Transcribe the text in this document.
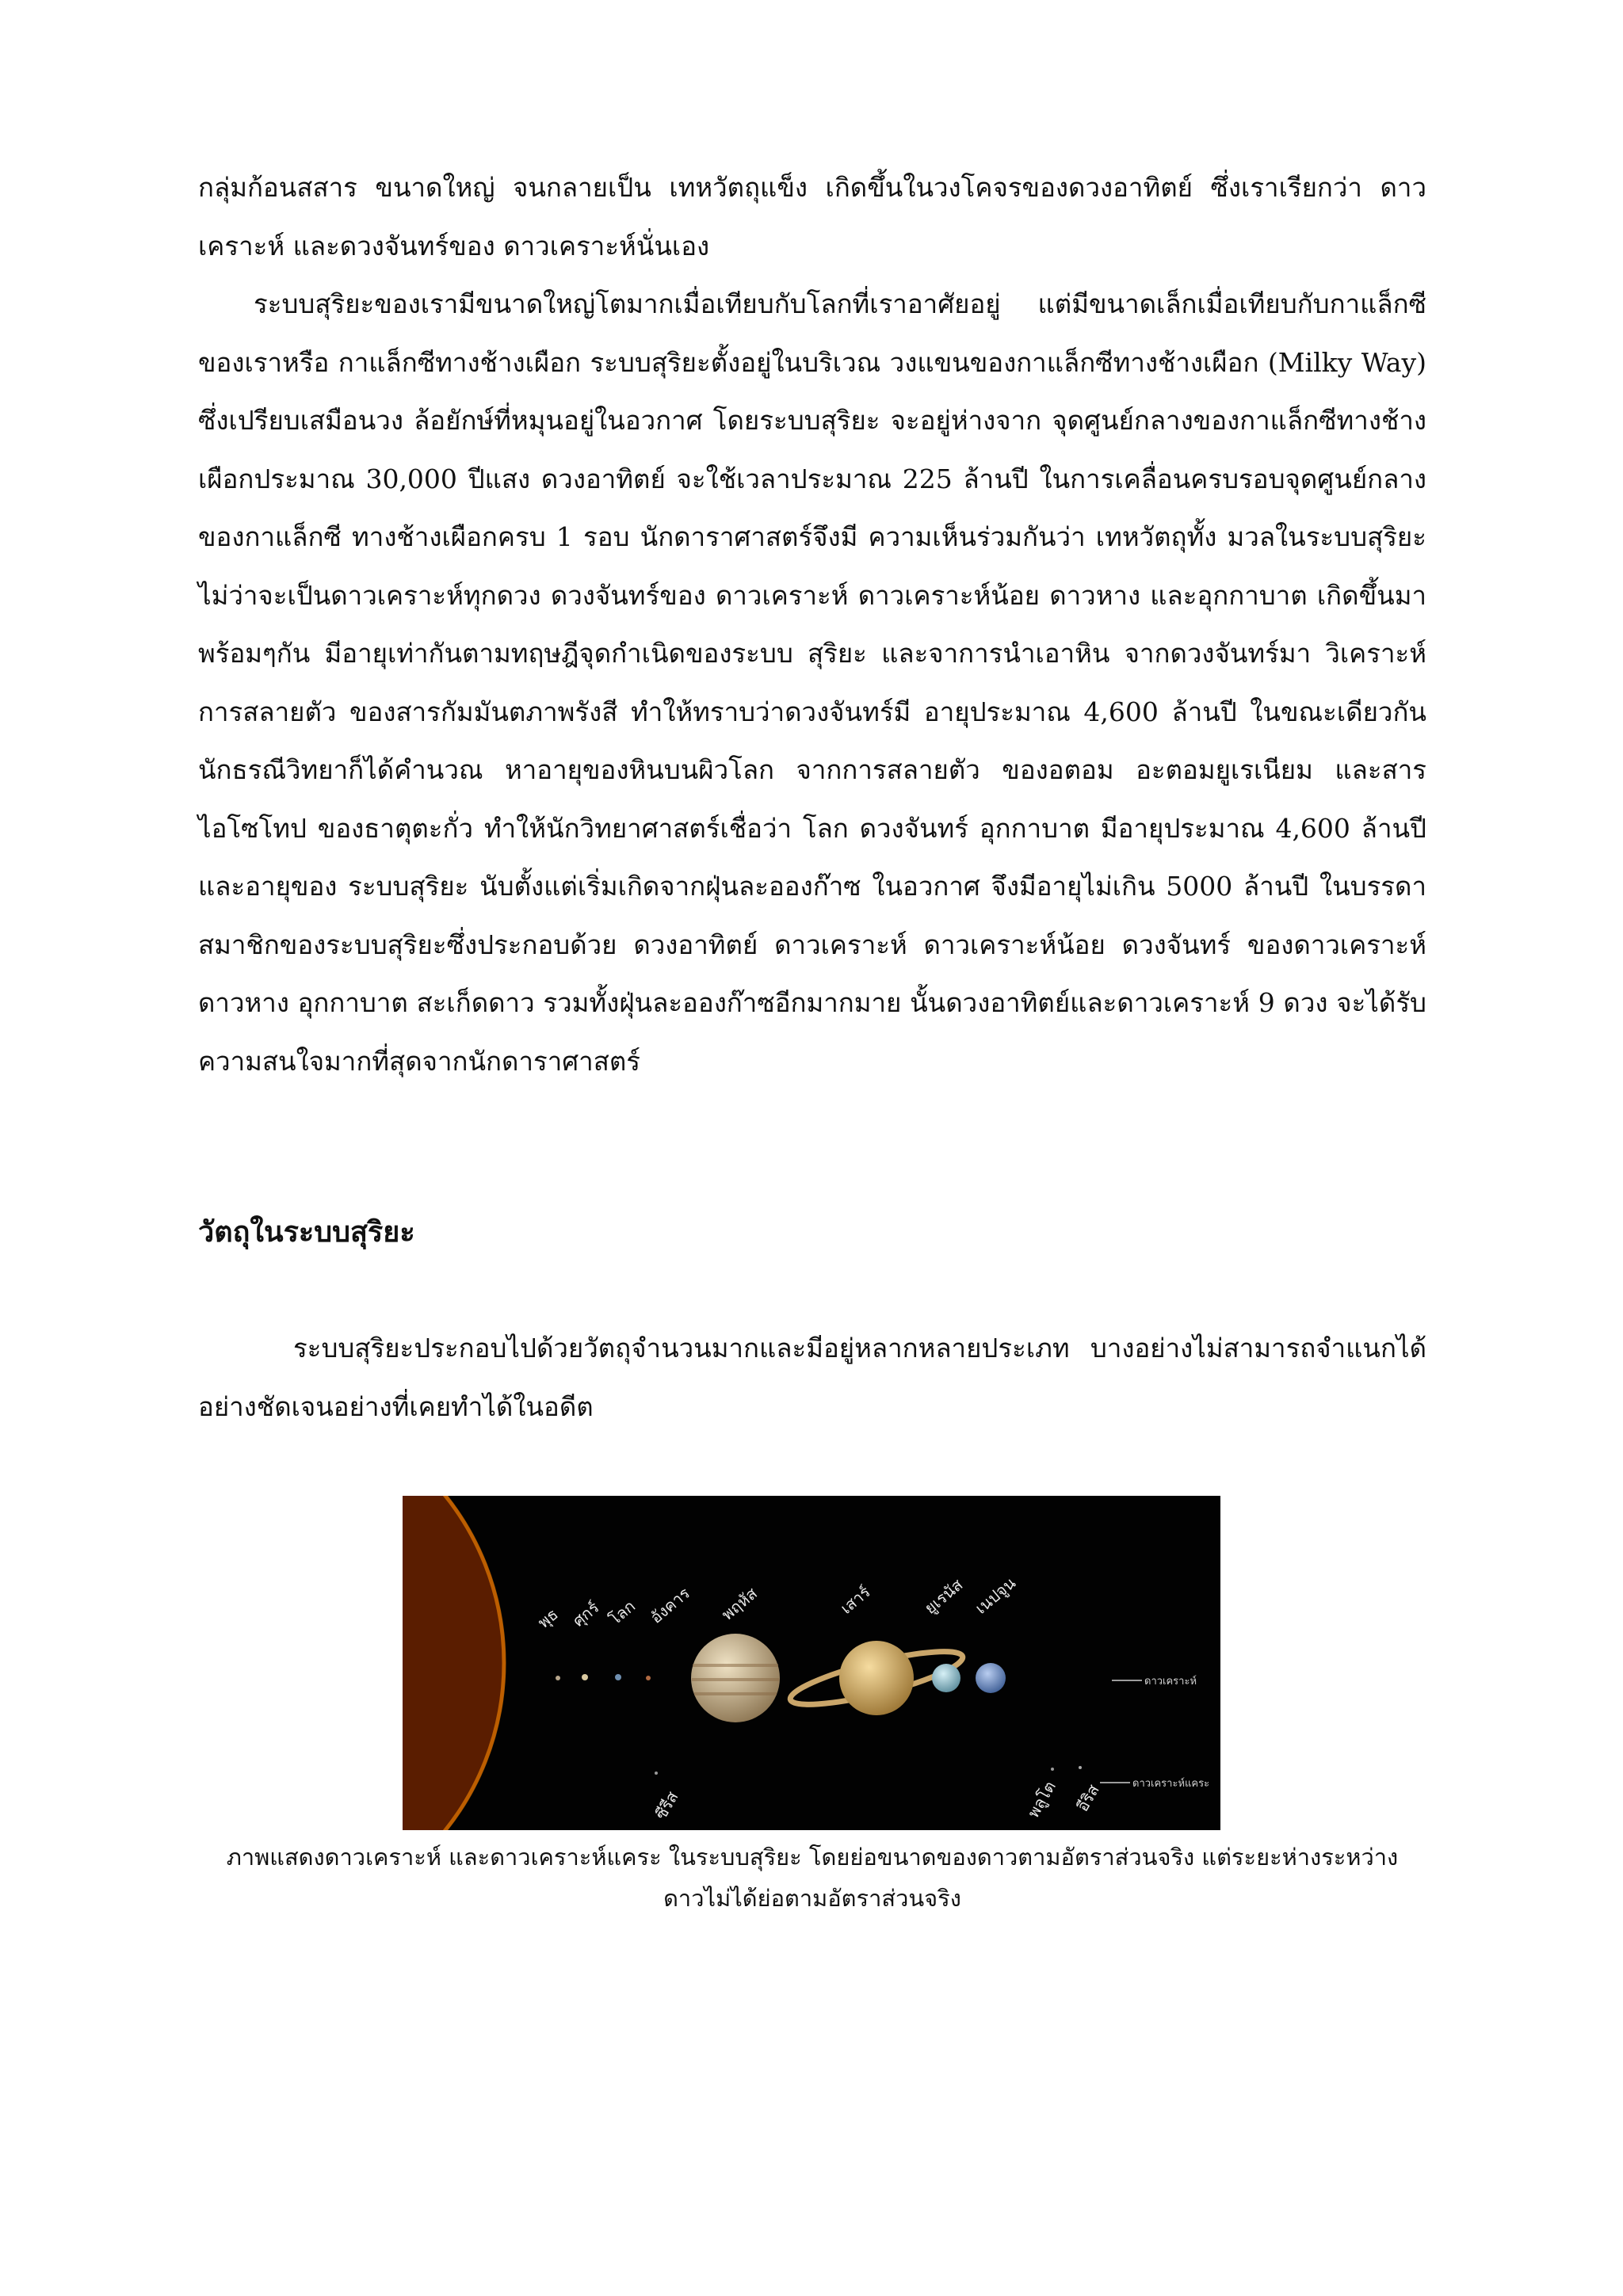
กลุ่มก้อนสสาร ขนาดใหญ่ จนกลายเป็น เทหวัตถุแข็ง เกิดขึ้นในวงโคจรของดวงอาทิตย์ ซึ่งเราเรียกว่า ดาวเคราะห์ และดวงจันทร์ของ ดาวเคราะห์นั่นเอง

ระบบสุริยะของเรามีขนาดใหญ่โตมากเมื่อเทียบกับโลกที่เราอาศัยอยู่ แต่มีขนาดเล็กเมื่อเทียบกับกาแล็กซีของเราหรือ กาแล็กซีทางช้างเผือก ระบบสุริยะตั้งอยู่ในบริเวณ วงแขนของกาแล็กซีทางช้างเผือก (Milky Way) ซึ่งเปรียบเสมือนวง ล้อยักษ์ที่หมุนอยู่ในอวกาศ โดยระบบสุริยะ จะอยู่ห่างจาก จุดศูนย์กลางของกาแล็กซีทางช้างเผือกประมาณ 30,000 ปีแสง ดวงอาทิตย์ จะใช้เวลาประมาณ 225 ล้านปี ในการเคลื่อนครบรอบจุดศูนย์กลาง ของกาแล็กซี ทางช้างเผือกครบ 1 รอบ นักดาราศาสตร์จึงมี ความเห็นร่วมกันว่า เทหวัตถุทั้ง มวลในระบบสุริยะไม่ว่าจะเป็นดาวเคราะห์ทุกดวง ดวงจันทร์ของ ดาวเคราะห์ ดาวเคราะห์น้อย ดาวหาง และอุกกาบาต เกิดขึ้นมาพร้อมๆกัน มีอายุเท่ากันตามทฤษฎีจุดกำเนิดของระบบ สุริยะ และจาการนำเอาหิน จากดวงจันทร์มา วิเคราะห์การสลายตัว ของสารกัมมันตภาพรังสี ทำให้ทราบว่าดวงจันทร์มี อายุประมาณ 4,600 ล้านปี ในขณะเดียวกัน นักธรณีวิทยาก็ได้คำนวณ หาอายุของหินบนผิวโลก จากการสลายตัว ของอตอม อะตอมยูเรเนียม และสารไอโซโทป ของธาตุตะกั่ว ทำให้นักวิทยาศาสตร์เชื่อว่า โลก ดวงจันทร์ อุกกาบาต มีอายุประมาณ 4,600 ล้านปี และอายุของ ระบบสุริยะ นับตั้งแต่เริ่มเกิดจากฝุ่นละอองก๊าซ ในอวกาศ จึงมีอายุไม่เกิน 5000 ล้านปี ในบรรดาสมาชิกของระบบสุริยะซึ่งประกอบด้วย ดวงอาทิตย์ ดาวเคราะห์ ดาวเคราะห์น้อย ดวงจันทร์ ของดาวเคราะห์ดาวหาง อุกกาบาต สะเก็ดดาว รวมทั้งฝุ่นละอองก๊าซอีกมากมาย นั้นดวงอาทิตย์และดาวเคราะห์ 9 ดวง จะได้รับความสนใจมากที่สุดจากนักดาราศาสตร์

วัตถุในระบบสุริยะ

ระบบสุริยะประกอบไปด้วยวัตถุจำนวนมากและมีอยู่หลากหลายประเภท บางอย่างไม่สามารถจำแนกได้อย่างชัดเจนอย่างที่เคยทำได้ในอดีต

พุธ ศุกร์ โลก อังคาร พฤหัส	เสาร์	ยูเรนัส เนปจูน
ซีรีส	พลูโต อีริส
ดาวเคราะห์
ดาวเคราะห์แคระ
ภาพแสดงดาวเคราะห์ และดาวเคราะห์แคระ ในระบบสุริยะ โดยย่อขนาดของดาวตามอัตราส่วนจริง แต่ระยะห่างระหว่าง
ดาวไม่ได้ย่อตามอัตราส่วนจริง
